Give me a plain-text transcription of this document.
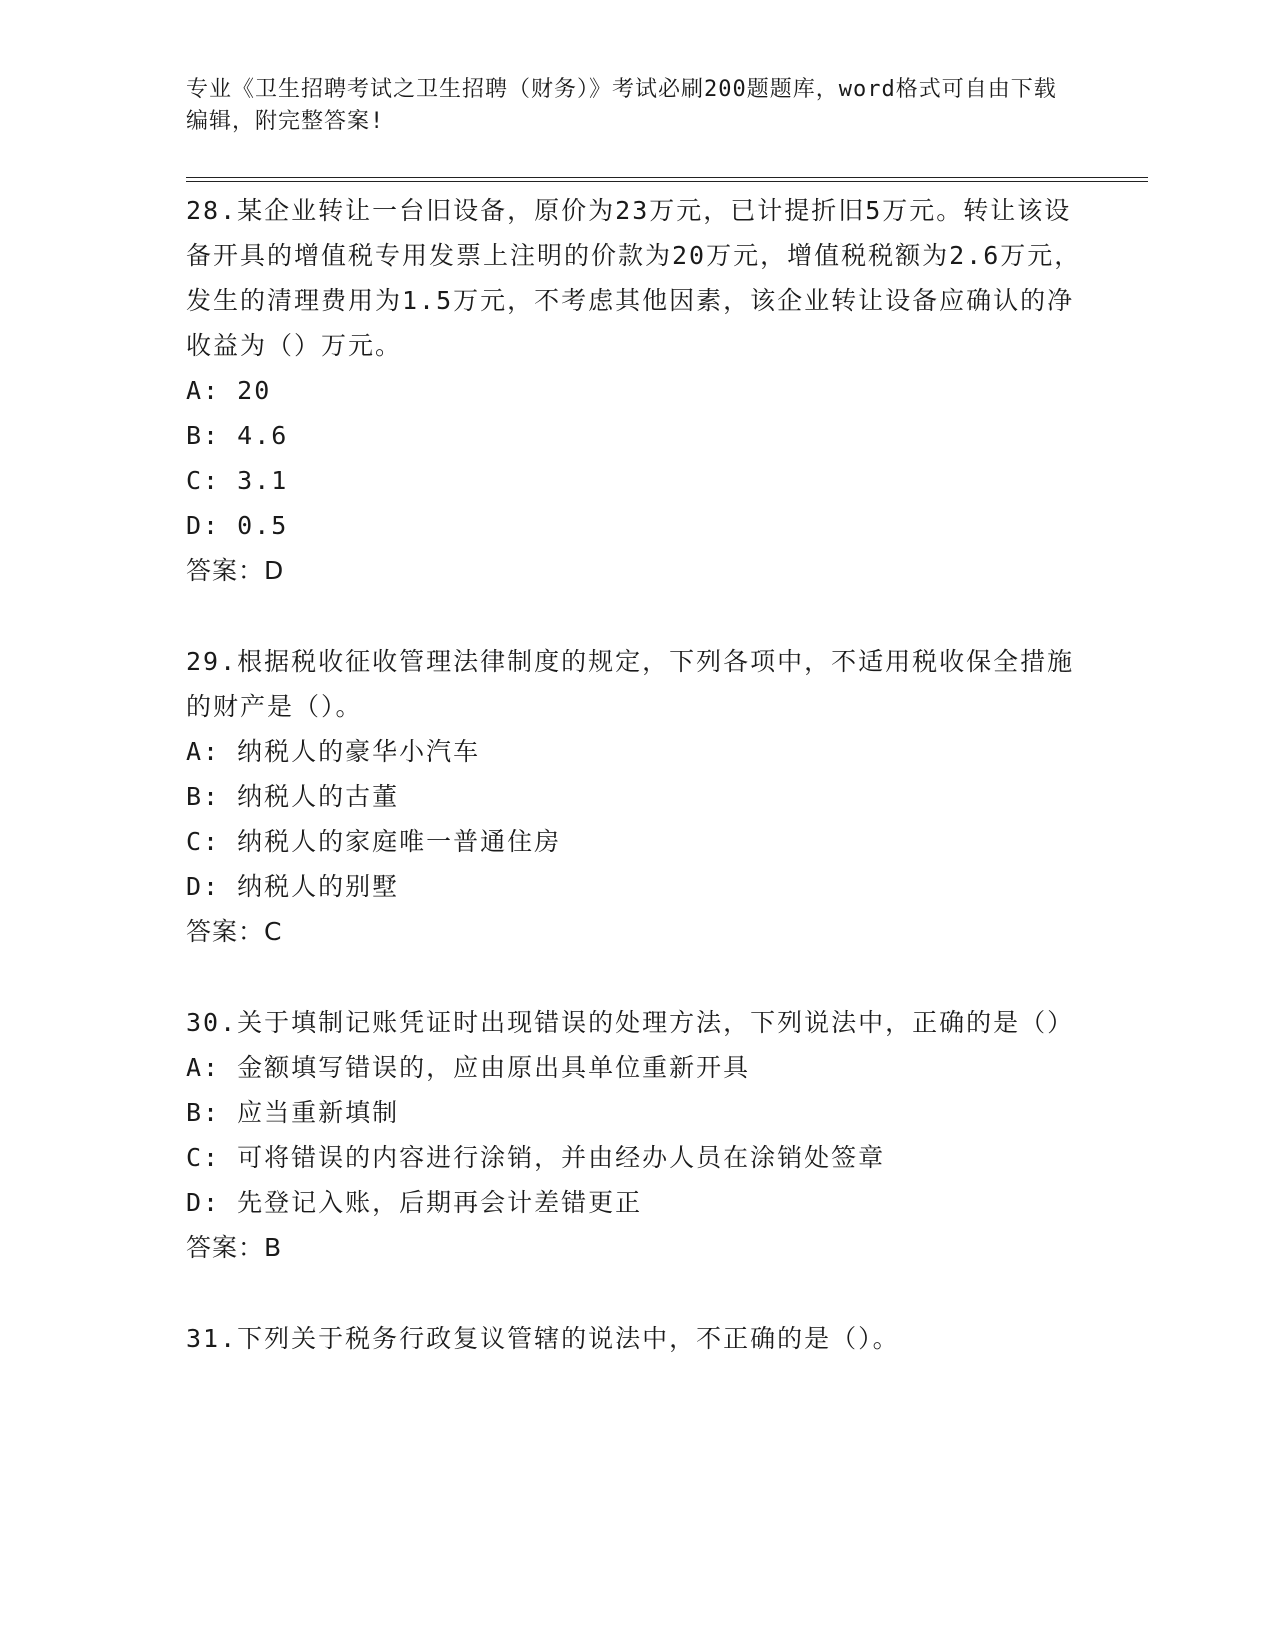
专业《卫生招聘考试之卫生招聘（财务）》考试必刷200题题库，word格式可自由下载编辑，附完整答案!

28.某企业转让一台旧设备，原价为23万元，已计提折旧5万元。转让该设备开具的增值税专用发票上注明的价款为20万元，增值税税额为2.6万元，发生的清理费用为1.5万元，不考虑其他因素，该企业转让设备应确认的净收益为（）万元。

A: 20

B: 4.6

C: 3.1

D: 0.5

答案：D

29.根据税收征收管理法律制度的规定，下列各项中，不适用税收保全措施的财产是（）。

A: 纳税人的豪华小汽车

B: 纳税人的古董

C: 纳税人的家庭唯一普通住房

D: 纳税人的别墅

答案：C

30.关于填制记账凭证时出现错误的处理方法，下列说法中，正确的是（）

A: 金额填写错误的，应由原出具单位重新开具

B: 应当重新填制

C: 可将错误的内容进行涂销，并由经办人员在涂销处签章

D: 先登记入账，后期再会计差错更正

答案：B

31.下列关于税务行政复议管辖的说法中，不正确的是（）。
